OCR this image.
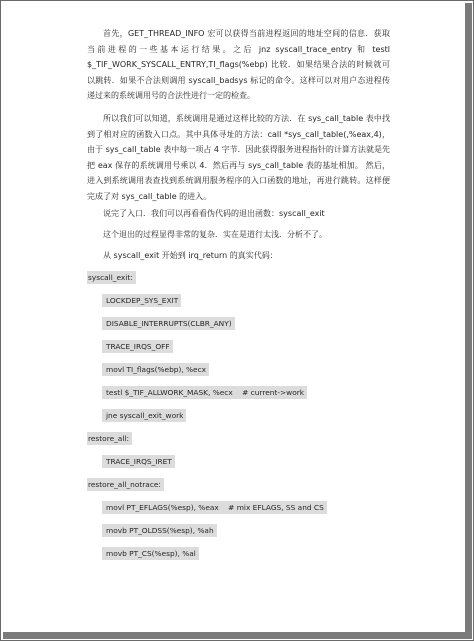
首先，GET_THREAD_INFO 宏可以获得当前进程返回的地址空间的信息．获取当前进程的一些基本运行结果。之后 jnz syscall_trace_entry 和 testl $_TIF_WORK_SYSCALL_ENTRY,TI_flags(%ebp) 比较．如果结果合法的时候就可以跳转．如果不合法则调用 syscall_badsys 标记的命令。这样可以对用户态进程传递过来的系统调用号的合法性进行一定的检查。

所以我们可以知道，系统调用是通过这样比较的方法．在 sys_call_table 表中找到了相对应的函数入口点。其中具体寻址的方法：call *sys_call_table(,%eax,4)，由于 sys_call_table 表中每一项占 4 字节．因此获得服务进程指针的计算方法就是先把 eax 保存的系统调用号乘以 4．然后再与 sys_call_table 表的基址相加。 然后，进入到系统调用表查找到系统调用服务程序的入口函数的地址，再进行跳转。这样便完成了对 sys_call_table 的进入。

说完了入口．我们可以再看看伪代码的退出函数：syscall_exit

这个退出的过程显得非常的复杂．实在是道行太浅．分析不了。

从 syscall_exit 开始到 irq_return 的真实代码：

syscall_exit:
LOCKDEP_SYS_EXIT
DISABLE_INTERRUPTS(CLBR_ANY)
TRACE_IRQS_OFF
movl TI_flags(%ebp), %ecx
testl $_TIF_ALLWORK_MASK, %ecx    # current->work
jne syscall_exit_work
restore_all:
TRACE_IRQS_IRET
restore_all_notrace:
movl PT_EFLAGS(%esp), %eax    # mix EFLAGS, SS and CS
movb PT_OLDSS(%esp), %ah
movb PT_CS(%esp), %al
